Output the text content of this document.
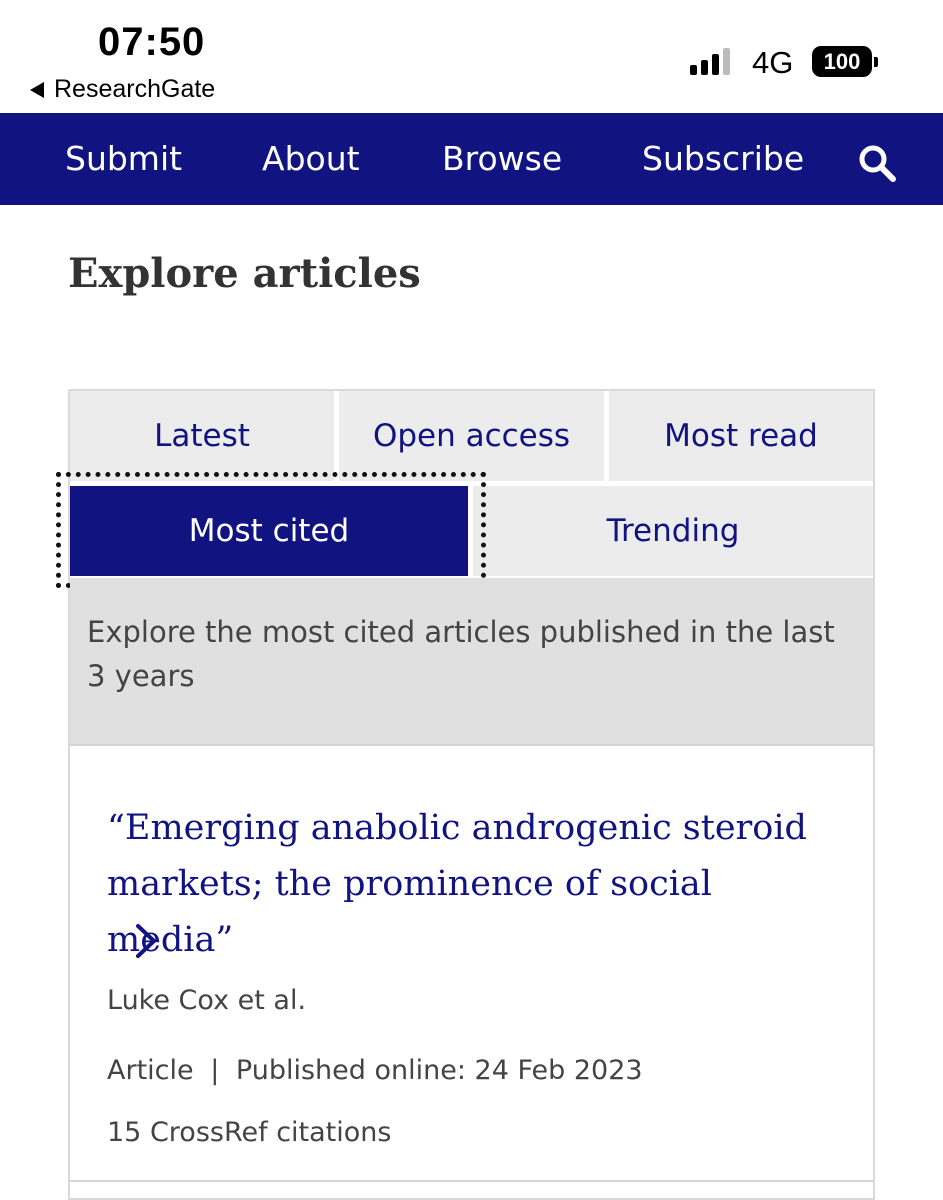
07:50
ResearchGate
4G	100
Submit About Browse Subscribe
Explore articles
Latest	Open access	Most read
Most cited	Trending
Explore the most cited articles published in the last 3 years
“Emerging anabolic androgenic steroid markets; the prominence of social media”
Luke Cox et al.
Article | Published online: 24 Feb 2023
15 CrossRef citations
